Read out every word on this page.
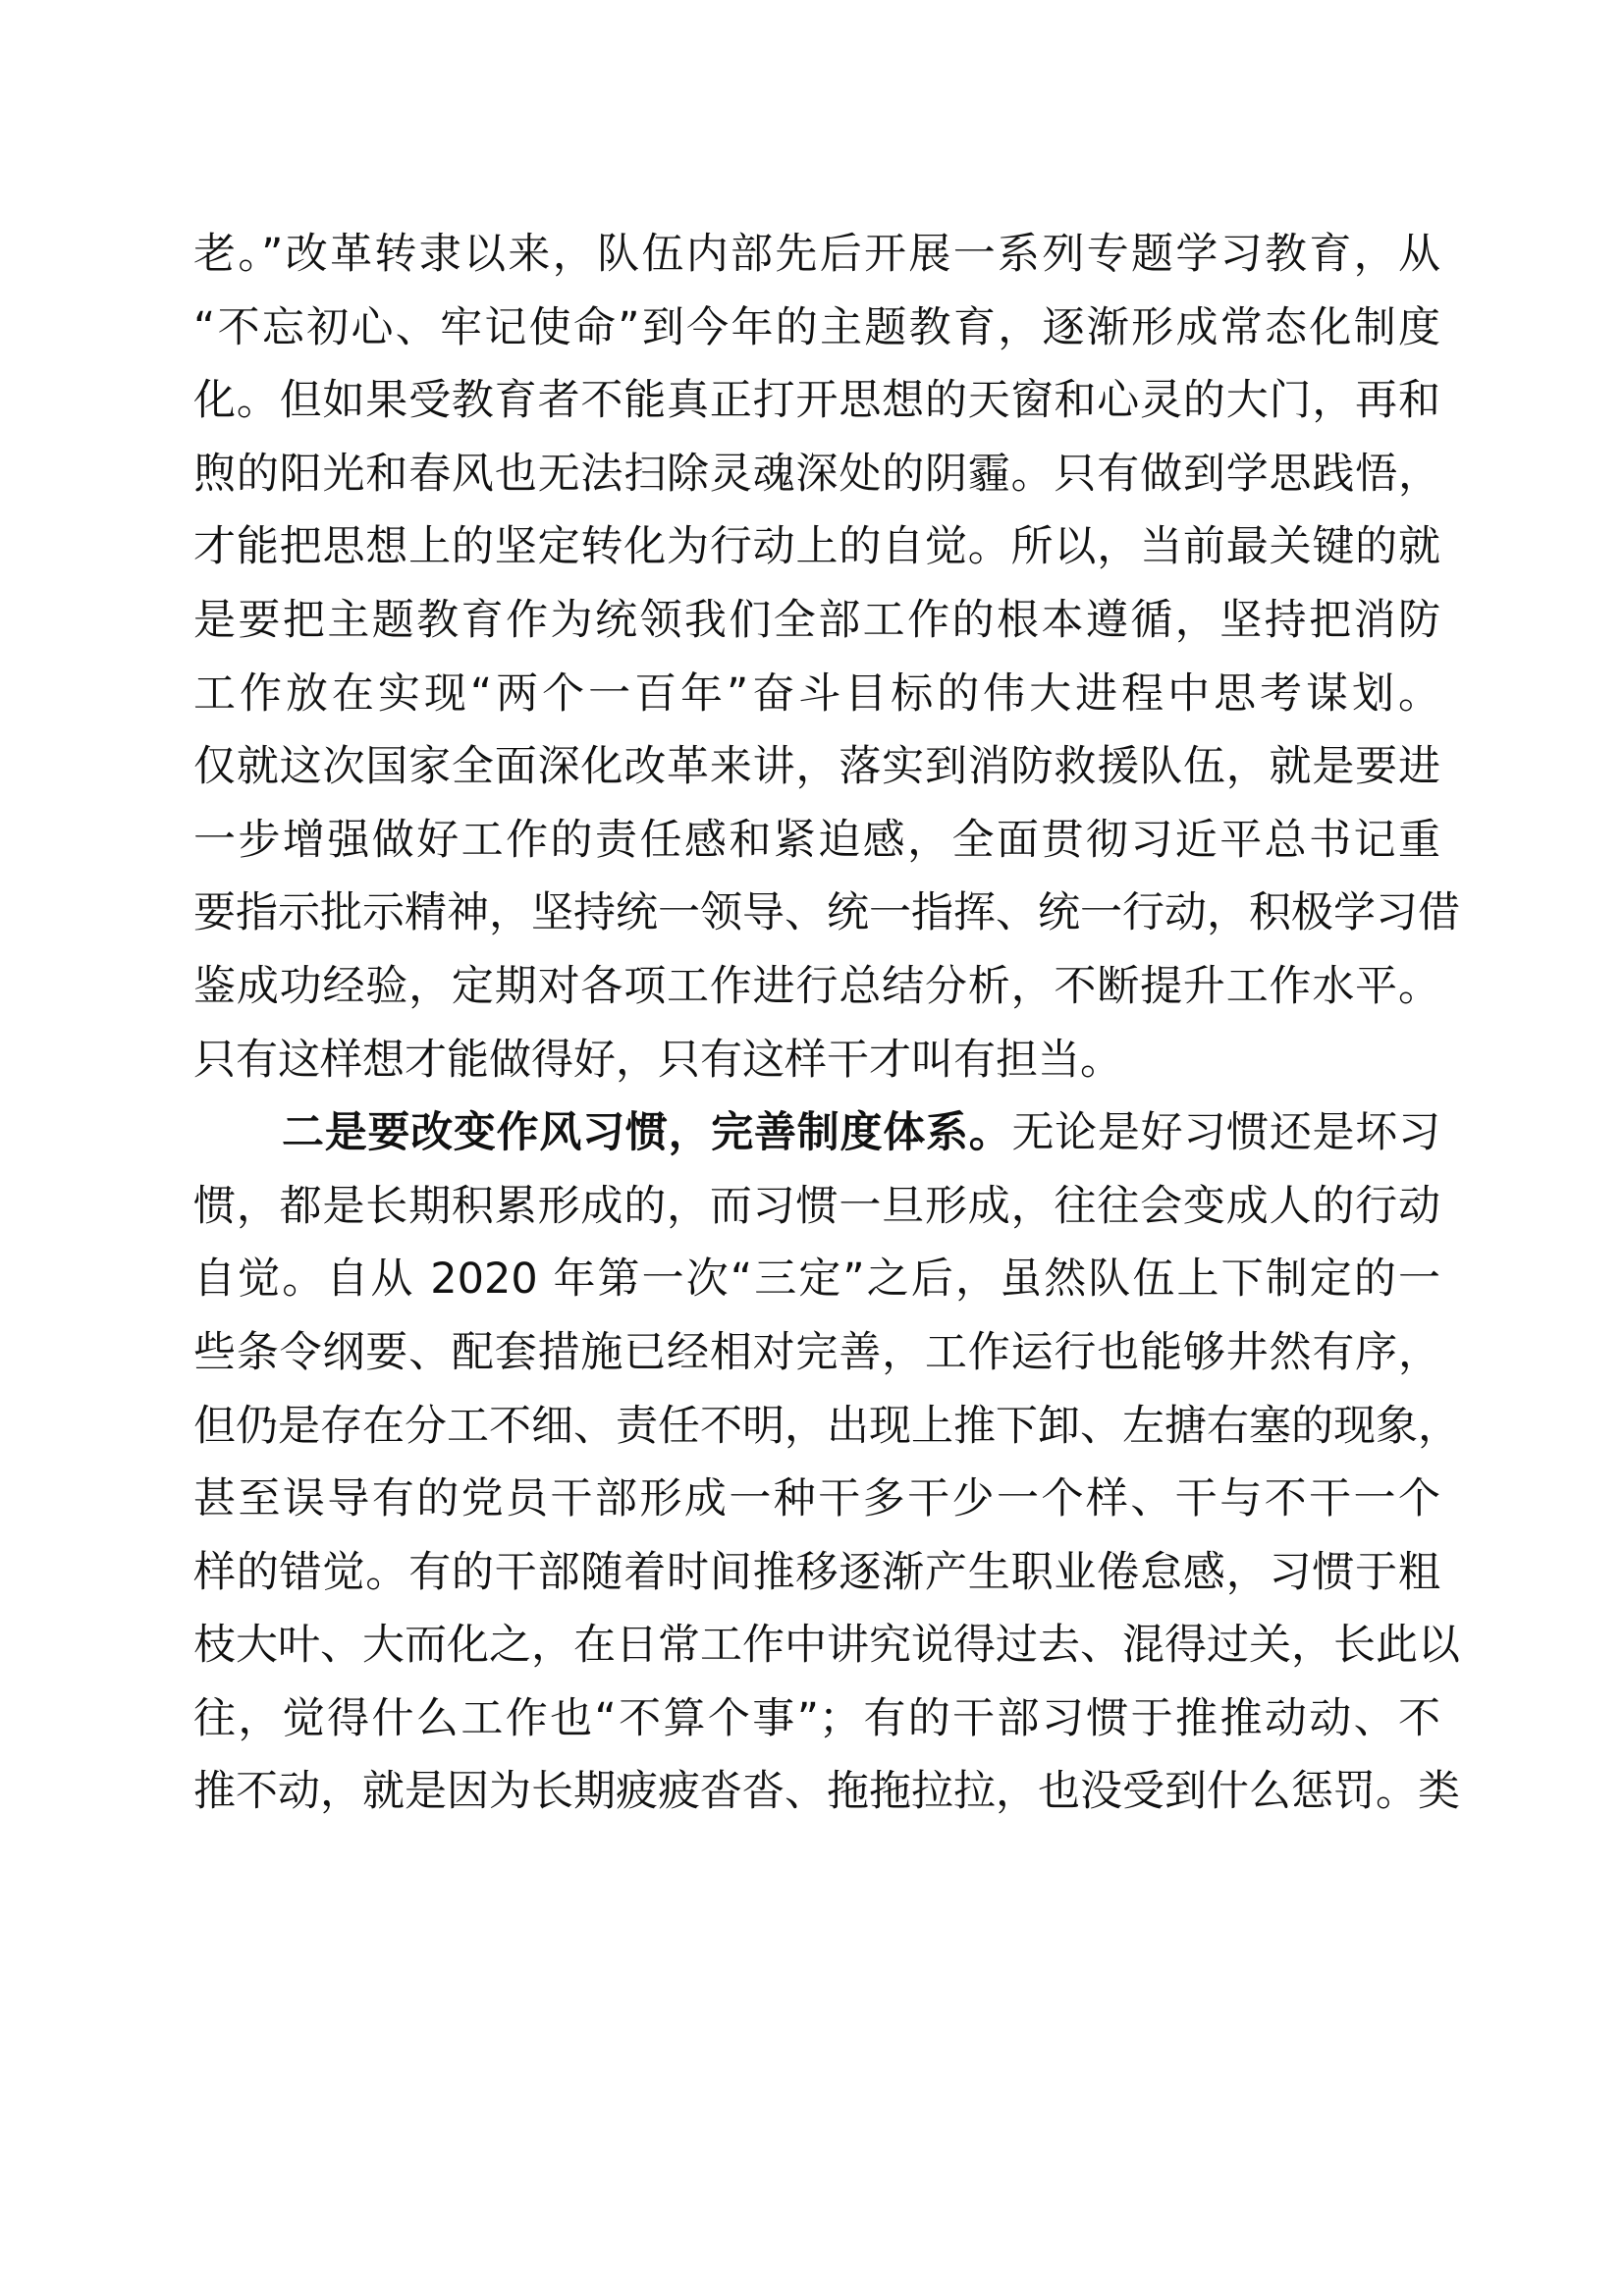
老。”改革转隶以来，队伍内部先后开展一系列专题学习教育，从
“不忘初心、牢记使命”到今年的主题教育，逐渐形成常态化制度
化。但如果受教育者不能真正打开思想的天窗和心灵的大门，再和
煦的阳光和春风也无法扫除灵魂深处的阴霾。只有做到学思践悟，
才能把思想上的坚定转化为行动上的自觉。所以，当前最关键的就
是要把主题教育作为统领我们全部工作的根本遵循，坚持把消防
工作放在实现“两个一百年”奋斗目标的伟大进程中思考谋划。
仅就这次国家全面深化改革来讲，落实到消防救援队伍，就是要进
一步增强做好工作的责任感和紧迫感，全面贯彻习近平总书记重
要指示批示精神，坚持统一领导、统一指挥、统一行动，积极学习借
鉴成功经验，定期对各项工作进行总结分析，不断提升工作水平。
只有这样想才能做得好，只有这样干才叫有担当。
二是要改变作风习惯，完善制度体系。无论是好习惯还是坏习
惯，都是长期积累形成的，而习惯一旦形成，往往会变成人的行动
自觉。自从 2020 年第一次“三定”之后，虽然队伍上下制定的一
些条令纲要、配套措施已经相对完善，工作运行也能够井然有序，
但仍是存在分工不细、责任不明，出现上推下卸、左搪右塞的现象，
甚至误导有的党员干部形成一种干多干少一个样、干与不干一个
样的错觉。有的干部随着时间推移逐渐产生职业倦怠感，习惯于粗
枝大叶、大而化之，在日常工作中讲究说得过去、混得过关，长此以
往，觉得什么工作也“不算个事”；有的干部习惯于推推动动、不
推不动，就是因为长期疲疲沓沓、拖拖拉拉，也没受到什么惩罚。类
